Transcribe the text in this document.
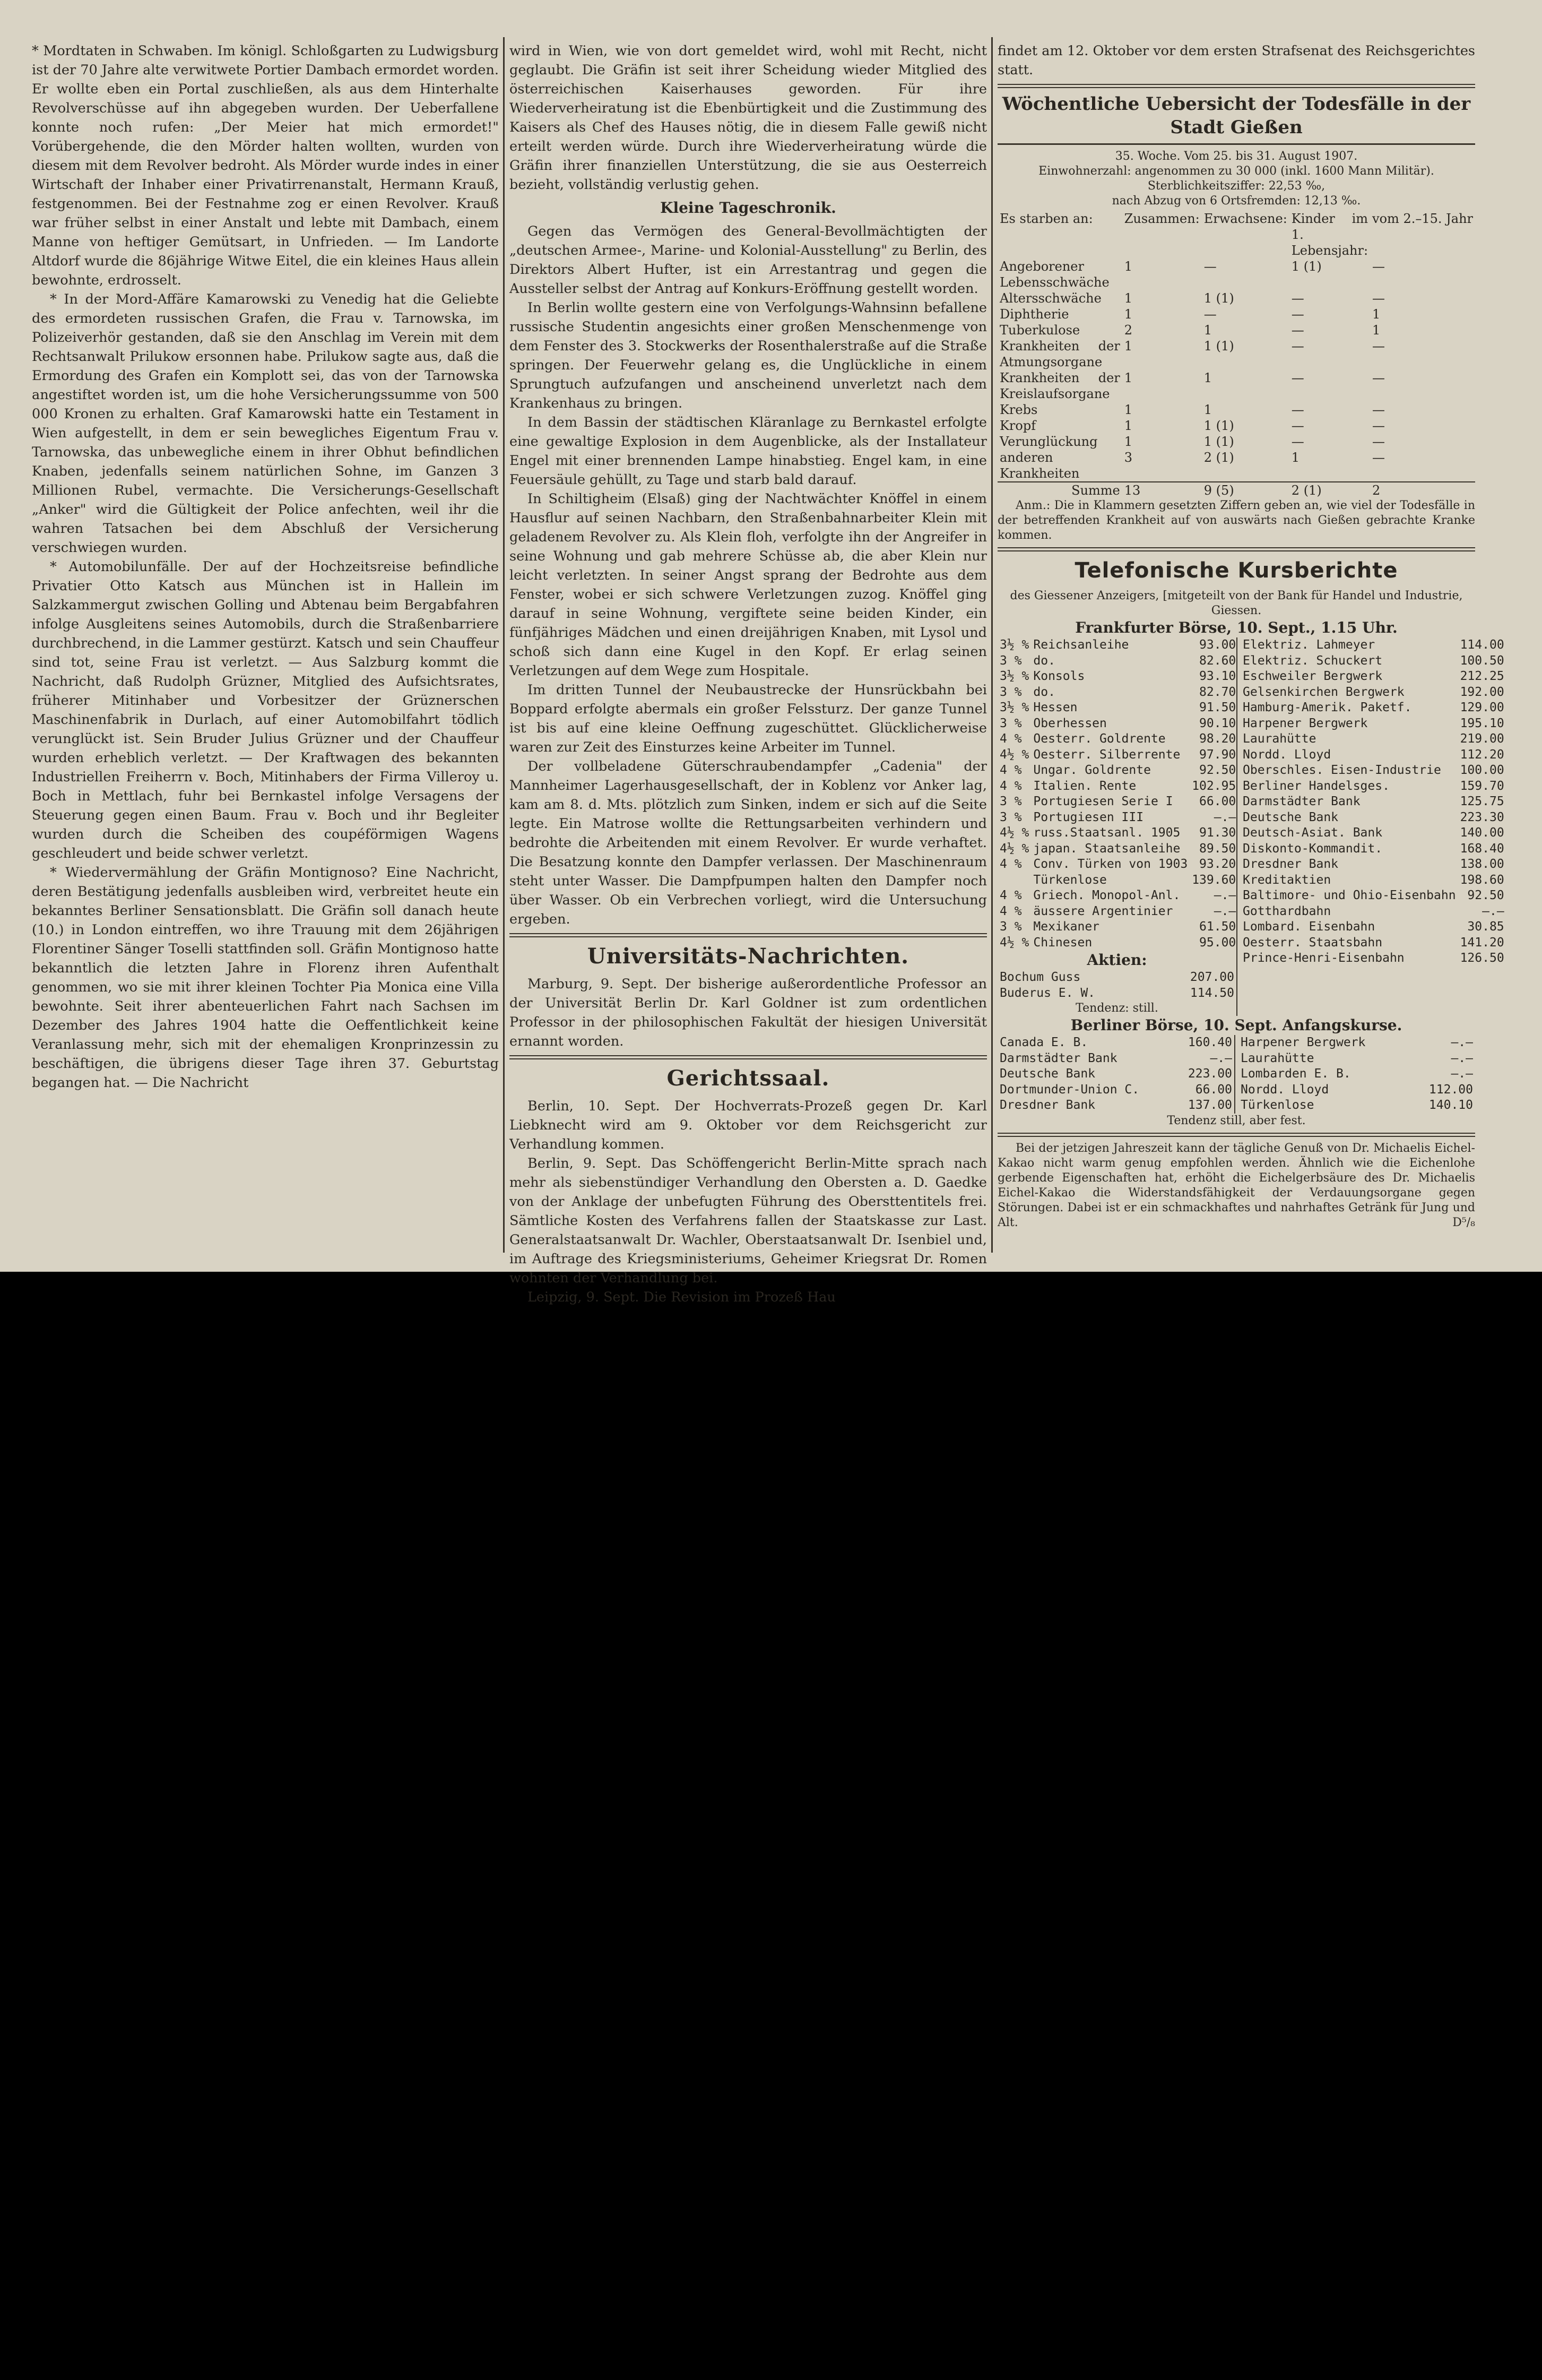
* Mordtaten in Schwaben. Im königl. Schloßgarten zu Ludwigsburg ist der 70 Jahre alte verwitwete Portier Dambach ermordet worden. Er wollte eben ein Portal zuschließen, als aus dem Hinterhalte Revolverschüsse auf ihn abgegeben wurden. Der Ueberfallene konnte noch rufen: „Der Meier hat mich ermordet!" Vorübergehende, die den Mörder halten wollten, wurden von diesem mit dem Revolver bedroht. Als Mörder wurde indes in einer Wirtschaft der Inhaber einer Privatirrenanstalt, Hermann Krauß, festgenommen. Bei der Festnahme zog er einen Revolver. Krauß war früher selbst in einer Anstalt und lebte mit Dambach, einem Manne von heftiger Gemütsart, in Unfrieden. — Im Landorte Altdorf wurde die 86jährige Witwe Eitel, die ein kleines Haus allein bewohnte, erdrosselt.

* In der Mord-Affäre Kamarowski zu Venedig hat die Geliebte des ermordeten russischen Grafen, die Frau v. Tarnowska, im Polizeiverhör gestanden, daß sie den Anschlag im Verein mit dem Rechtsanwalt Prilukow ersonnen habe. Prilukow sagte aus, daß die Ermordung des Grafen ein Komplott sei, das von der Tarnowska angestiftet worden ist, um die hohe Versicherungssumme von 500 000 Kronen zu erhalten. Graf Kamarowski hatte ein Testament in Wien aufgestellt, in dem er sein bewegliches Eigentum Frau v. Tarnowska, das unbewegliche einem in ihrer Obhut befindlichen Knaben, jedenfalls seinem natürlichen Sohne, im Ganzen 3 Millionen Rubel, vermachte. Die Versicherungs-Gesellschaft „Anker" wird die Gültigkeit der Police anfechten, weil ihr die wahren Tatsachen bei dem Abschluß der Versicherung verschwiegen wurden.

* Automobilunfälle. Der auf der Hochzeitsreise befindliche Privatier Otto Katsch aus München ist in Hallein im Salzkammergut zwischen Golling und Abtenau beim Bergabfahren infolge Ausgleitens seines Automobils, durch die Straßenbarriere durchbrechend, in die Lammer gestürzt. Katsch und sein Chauffeur sind tot, seine Frau ist verletzt. — Aus Salzburg kommt die Nachricht, daß Rudolph Grüzner, Mitglied des Aufsichtsrates, früherer Mitinhaber und Vorbesitzer der Grüznerschen Maschinenfabrik in Durlach, auf einer Automobilfahrt tödlich verunglückt ist. Sein Bruder Julius Grüzner und der Chauffeur wurden erheblich verletzt. — Der Kraftwagen des bekannten Industriellen Freiherrn v. Boch, Mitinhabers der Firma Villeroy u. Boch in Mettlach, fuhr bei Bernkastel infolge Versagens der Steuerung gegen einen Baum. Frau v. Boch und ihr Begleiter wurden durch die Scheiben des coupéförmigen Wagens geschleudert und beide schwer verletzt.

* Wiedervermählung der Gräfin Montignoso? Eine Nachricht, deren Bestätigung jedenfalls ausbleiben wird, verbreitet heute ein bekanntes Berliner Sensationsblatt. Die Gräfin soll danach heute (10.) in London eintreffen, wo ihre Trauung mit dem 26jährigen Florentiner Sänger Toselli stattfinden soll. Gräfin Montignoso hatte bekanntlich die letzten Jahre in Florenz ihren Aufenthalt genommen, wo sie mit ihrer kleinen Tochter Pia Monica eine Villa bewohnte. Seit ihrer abenteuerlichen Fahrt nach Sachsen im Dezember des Jahres 1904 hatte die Oeffentlichkeit keine Veranlassung mehr, sich mit der ehemaligen Kronprinzessin zu beschäftigen, die übrigens dieser Tage ihren 37. Geburtstag begangen hat. — Die Nachricht

wird in Wien, wie von dort gemeldet wird, wohl mit Recht, nicht geglaubt. Die Gräfin ist seit ihrer Scheidung wieder Mitglied des österreichischen Kaiserhauses geworden. Für ihre Wiederverheiratung ist die Ebenbürtigkeit und die Zustimmung des Kaisers als Chef des Hauses nötig, die in diesem Falle gewiß nicht erteilt werden würde. Durch ihre Wiederverheiratung würde die Gräfin ihrer finanziellen Unterstützung, die sie aus Oesterreich bezieht, vollständig verlustig gehen.

Kleine Tageschronik.

Gegen das Vermögen des General-Bevollmächtigten der „deutschen Armee-, Marine- und Kolonial-Ausstellung" zu Berlin, des Direktors Albert Hufter, ist ein Arrestantrag und gegen die Aussteller selbst der Antrag auf Konkurs-Eröffnung gestellt worden.

In Berlin wollte gestern eine von Verfolgungs-Wahnsinn befallene russische Studentin angesichts einer großen Menschenmenge von dem Fenster des 3. Stockwerks der Rosenthalerstraße auf die Straße springen. Der Feuerwehr gelang es, die Unglückliche in einem Sprungtuch aufzufangen und anscheinend unverletzt nach dem Krankenhaus zu bringen.

In dem Bassin der städtischen Kläranlage zu Bernkastel erfolgte eine gewaltige Explosion in dem Augenblicke, als der Installateur Engel mit einer brennenden Lampe hinabstieg. Engel kam, in eine Feuersäule gehüllt, zu Tage und starb bald darauf.

In Schiltigheim (Elsaß) ging der Nachtwächter Knöffel in einem Hausflur auf seinen Nachbarn, den Straßenbahnarbeiter Klein mit geladenem Revolver zu. Als Klein floh, verfolgte ihn der Angreifer in seine Wohnung und gab mehrere Schüsse ab, die aber Klein nur leicht verletzten. In seiner Angst sprang der Bedrohte aus dem Fenster, wobei er sich schwere Verletzungen zuzog. Knöffel ging darauf in seine Wohnung, vergiftete seine beiden Kinder, ein fünfjähriges Mädchen und einen dreijährigen Knaben, mit Lysol und schoß sich dann eine Kugel in den Kopf. Er erlag seinen Verletzungen auf dem Wege zum Hospitale.

Im dritten Tunnel der Neubaustrecke der Hunsrückbahn bei Boppard erfolgte abermals ein großer Felssturz. Der ganze Tunnel ist bis auf eine kleine Oeffnung zugeschüttet. Glücklicherweise waren zur Zeit des Einsturzes keine Arbeiter im Tunnel.

Der vollbeladene Güterschraubendampfer „Cadenia" der Mannheimer Lagerhausgesellschaft, der in Koblenz vor Anker lag, kam am 8. d. Mts. plötzlich zum Sinken, indem er sich auf die Seite legte. Ein Matrose wollte die Rettungsarbeiten verhindern und bedrohte die Arbeitenden mit einem Revolver. Er wurde verhaftet. Die Besatzung konnte den Dampfer verlassen. Der Maschinenraum steht unter Wasser. Die Dampfpumpen halten den Dampfer noch über Wasser. Ob ein Verbrechen vorliegt, wird die Untersuchung ergeben.

Universitäts-Nachrichten.

Marburg, 9. Sept. Der bisherige außerordentliche Professor an der Universität Berlin Dr. Karl Goldner ist zum ordentlichen Professor in der philosophischen Fakultät der hiesigen Universität ernannt worden.

Gerichtssaal.

Berlin, 10. Sept. Der Hochverrats-Prozeß gegen Dr. Karl Liebknecht wird am 9. Oktober vor dem Reichsgericht zur Verhandlung kommen.

Berlin, 9. Sept. Das Schöffengericht Berlin-Mitte sprach nach mehr als siebenstündiger Verhandlung den Obersten a. D. Gaedke von der Anklage der unbefugten Führung des Obersttentitels frei. Sämtliche Kosten des Verfahrens fallen der Staatskasse zur Last. Generalstaatsanwalt Dr. Wachler, Oberstaatsanwalt Dr. Isenbiel und, im Auftrage des Kriegsministeriums, Geheimer Kriegsrat Dr. Romen wohnten der Verhandlung bei.

Leipzig, 9. Sept. Die Revision im Prozeß Hau

findet am 12. Oktober vor dem ersten Strafsenat des Reichsgerichtes statt.

Wöchentliche Uebersicht der Todesfälle in der Stadt Gießen
35. Woche. Vom 25. bis 31. August 1907.
Einwohnerzahl: angenommen zu 30 000 (inkl. 1600 Mann Militär).
Sterblichkeitsziffer: 22,53 ‰,
nach Abzug von 6 Ortsfremden: 12,13 ‰.
Es starben an:	Zusammen:	Erwachsene:	Kinder im 1. Lebensjahr:	vom 2.–15. Jahr
Angeborener Lebensschwäche	1	—	1 (1)	—
Altersschwäche	1	1 (1)	—	—
Diphtherie	1	—	—	1
Tuberkulose	2	1	—	1
Krankheiten der Atmungsorgane	1	1 (1)	—	—
Krankheiten der Kreislaufsorgane	1	1	—	—
Krebs	1	1	—	—
Kropf	1	1 (1)	—	—
Verunglückung	1	1 (1)	—	—
anderen Krankheiten	3	2 (1)	1	—
Summe	13	9 (5)	2 (1)	2

Anm.: Die in Klammern gesetzten Ziffern geben an, wie viel der Todesfälle in der betreffenden Krankheit auf von auswärts nach Gießen gebrachte Kranke kommen.

Telefonische Kursberichte
des Giessener Anzeigers, [mitgeteilt von der Bank für Handel und Industrie, Giessen.
Frankfurter Börse, 10. Sept., 1.15 Uhr.
3½ %	Reichsanleihe	93.00
3 %	do.	82.60
3½ %	Konsols	93.10
3 %	do.	82.70
3½ %	Hessen	91.50
3 %	Oberhessen	90.10
4 %	Oesterr. Goldrente	98.20
4½ %	Oesterr. Silberrente	97.90
4 %	Ungar. Goldrente	92.50
4 %	Italien. Rente	102.95
3 %	Portugiesen Serie I	66.00
3 %	Portugiesen III	—.—
4½ %	russ.Staatsanl. 1905	91.30
4½ %	japan. Staatsanleihe	89.50
4 %	Conv. Türken von 1903	93.20
	Türkenlose	139.60
4 %	Griech. Monopol-Anl.	—.—
4 %	äussere Argentinier	—.—
3 %	Mexikaner	61.50
4½ %	Chinesen	95.00
Aktien:
Bochum Guss	207.00
Buderus E. W.	114.50
Tendenz: still.
Elektriz. Lahmeyer	114.00
Elektriz. Schuckert	100.50
Eschweiler Bergwerk	212.25
Gelsenkirchen Bergwerk	192.00
Hamburg-Amerik. Paketf.	129.00
Harpener Bergwerk	195.10
Laurahütte	219.00
Nordd. Lloyd	112.20
Oberschles. Eisen-Industrie	100.00
Berliner Handelsges.	159.70
Darmstädter Bank	125.75
Deutsche Bank	223.30
Deutsch-Asiat. Bank	140.00
Diskonto-Kommandit.	168.40
Dresdner Bank	138.00
Kreditaktien	198.60
Baltimore- und Ohio-Eisenbahn	92.50
Gotthardbahn	—.—
Lombard. Eisenbahn	30.85
Oesterr. Staatsbahn	141.20
Prince-Henri-Eisenbahn	126.50
Berliner Börse, 10. Sept. Anfangskurse.
Canada E. B.	160.40
Darmstädter Bank	—.—
Deutsche Bank	223.00
Dortmunder-Union C.	66.00
Dresdner Bank	137.00
Harpener Bergwerk	—.—
Laurahütte	—.—
Lombarden E. B.	—.—
Nordd. Lloyd	112.00
Türkenlose	140.10
Tendenz still, aber fest.

Bei der jetzigen Jahreszeit kann der tägliche Genuß von Dr. Michaelis Eichel-Kakao nicht warm genug empfohlen werden. Ähnlich wie die Eichenlohe gerbende Eigenschaften hat, erhöht die Eichelgerbsäure des Dr. Michaelis Eichel-Kakao die Widerstandsfähigkeit der Verdauungsorgane gegen Störungen. Dabei ist er ein schmackhaftes und nahrhaftes Getränk für Jung und Alt.	D⁵/₈
